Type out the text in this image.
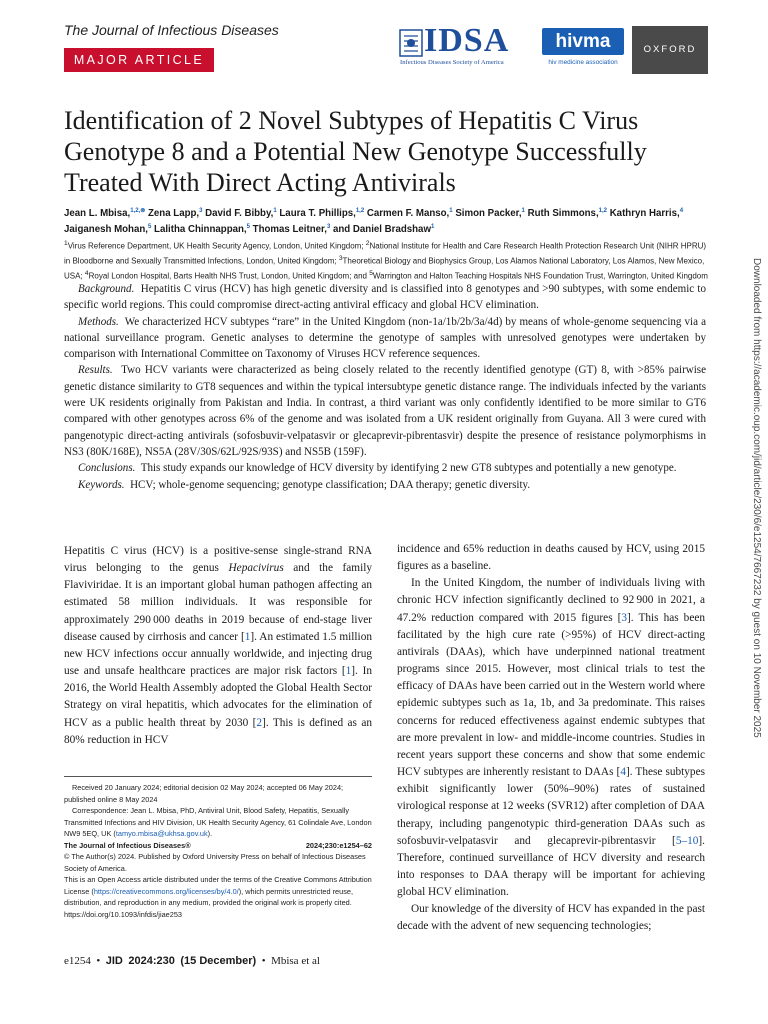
The Journal of Infectious Diseases
MAJOR ARTICLE
IDSA
Infectious Diseases Society of America
hivma
hiv medicine association
OXFORD
Identification of 2 Novel Subtypes of Hepatitis C Virus Genotype 8 and a Potential New Genotype Successfully Treated With Direct Acting Antivirals
Jean L. Mbisa,$^{1,2,\otimes}$ Zena Lapp,$^3$ David F. Bibby,$^1$ Laura T. Phillips,$^{1,2}$ Carmen F. Manso,$^1$ Simon Packer,$^1$ Ruth Simmons,$^{1,2}$ Kathryn Harris,$^4$ Jaiganesh Mohan,$^5$ Lalitha Chinnappan,$^5$ Thomas Leitner,$^3$ and Daniel Bradshaw$^1$
$^1$Virus Reference Department, UK Health Security Agency, London, United Kingdom; $^2$National Institute for Health and Care Research Health Protection Research Unit (NIHR HPRU) in Bloodborne and Sexually Transmitted Infections, London, United Kingdom; $^3$Theoretical Biology and Biophysics Group, Los Alamos National Laboratory, Los Alamos, New Mexico, USA; $^4$Royal London Hospital, Barts Health NHS Trust, London, United Kingdom; and $^5$Warrington and Halton Teaching Hospitals NHS Foundation Trust, Warrington, United Kingdom

Background. Hepatitis C virus (HCV) has high genetic diversity and is classified into 8 genotypes and >90 subtypes, with some endemic to specific world regions. This could compromise direct-acting antiviral efficacy and global HCV elimination.

Methods. We characterized HCV subtypes “rare” in the United Kingdom (non-1a/1b/2b/3a/4d) by means of whole-genome sequencing via a national surveillance program. Genetic analyses to determine the genotype of samples with unresolved genotypes were undertaken by comparison with International Committee on Taxonomy of Viruses HCV reference sequences.

Results. Two HCV variants were characterized as being closely related to the recently identified genotype (GT) 8, with >85% pairwise genetic distance similarity to GT8 sequences and within the typical intersubtype genetic distance range. The individuals infected by the variants were UK residents originally from Pakistan and India. In contrast, a third variant was only confidently identified to be more similar to GT6 compared with other genotypes across 6% of the genome and was isolated from a UK resident originally from Guyana. All 3 were cured with pangenotypic direct-acting antivirals (sofosbuvir-velpatasvir or glecaprevir-pibrentasvir) despite the presence of resistance polymorphisms in NS3 (80K/168E), NS5A (28V/30S/62L/92S/93S) and NS5B (159F).

Conclusions. This study expands our knowledge of HCV diversity by identifying 2 new GT8 subtypes and potentially a new genotype.

Keywords. HCV; whole-genome sequencing; genotype classification; DAA therapy; genetic diversity.

Hepatitis C virus (HCV) is a positive-sense single-strand RNA virus belonging to the genus Hepacivirus and the family Flaviviridae. It is an important global human pathogen affecting an estimated 58 million individuals. It was responsible for approximately 290 000 deaths in 2019 because of end-stage liver disease caused by cirrhosis and cancer [1]. An estimated 1.5 million new HCV infections occur annually worldwide, and injecting drug use and unsafe healthcare practices are major risk factors [1]. In 2016, the World Health Assembly adopted the Global Health Sector Strategy on viral hepatitis, which advocates for the elimination of HCV as a public health threat by 2030 [2]. This is defined as an 80% reduction in HCV

Received 20 January 2024; editorial decision 02 May 2024; accepted 06 May 2024; published online 8 May 2024

Correspondence: Jean L. Mbisa, PhD, Antiviral Unit, Blood Safety, Hepatitis, Sexually Transmitted Infections and HIV Division, UK Health Security Agency, 61 Colindale Ave, London NW9 5EQ, UK (tamyo.mbisa@ukhsa.gov.uk).

The Journal of Infectious Diseases®	2024;230:e1254–62

© The Author(s) 2024. Published by Oxford University Press on behalf of Infectious Diseases Society of America.

This is an Open Access article distributed under the terms of the Creative Commons Attribution License (https://creativecommons.org/licenses/by/4.0/), which permits unrestricted reuse, distribution, and reproduction in any medium, provided the original work is properly cited.

https://doi.org/10.1093/infdis/jiae253

incidence and 65% reduction in deaths caused by HCV, using 2015 figures as a baseline.

In the United Kingdom, the number of individuals living with chronic HCV infection significantly declined to 92 900 in 2021, a 47.2% reduction compared with 2015 figures [3]. This has been facilitated by the high cure rate (>95%) of HCV direct-acting antivirals (DAAs), which have underpinned national treatment programs since 2015. However, most clinical trials to test the efficacy of DAAs have been carried out in the Western world where epidemic subtypes such as 1a, 1b, and 3a predominate. This raises concerns for reduced effectiveness against endemic subtypes that are more prevalent in low- and middle-income countries. Studies in recent years support these concerns and show that some endemic HCV subtypes are inherently resistant to DAAs [4]. These subtypes exhibit significantly lower (50%–90%) rates of sustained virological response at 12 weeks (SVR12) after completion of DAA therapy, including pangenotypic third-generation DAAs such as sofosbuvir-velpatasvir and glecaprevir-pibrentasvir [5–10]. Therefore, continued surveillance of HCV diversity and research into responses to DAA therapy will be important for achieving global HCV elimination.

Our knowledge of the diversity of HCV has expanded in the past decade with the advent of new sequencing technologies;

e1254  •  JID 2024:230 (15 December)  •  Mbisa et al
Downloaded from https://academic.oup.com/jid/article/230/6/e1254/7667232 by guest on 10 November 2025
